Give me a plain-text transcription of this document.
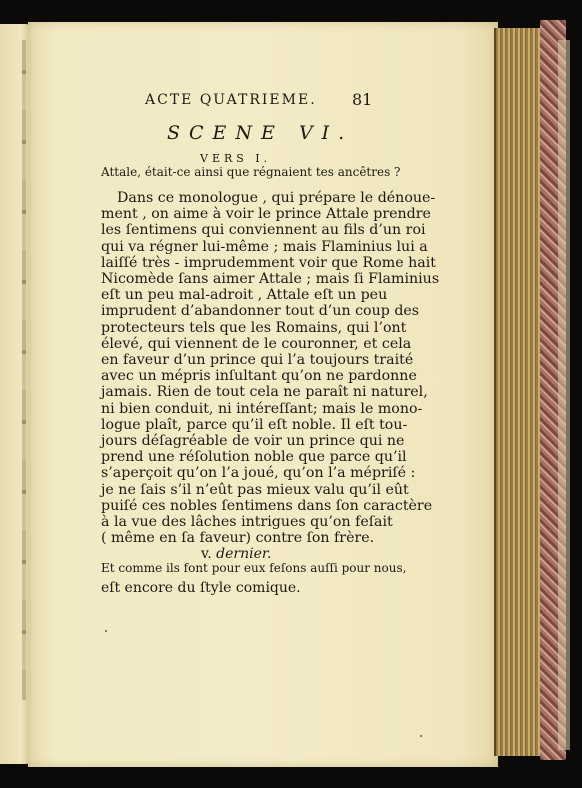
ACTE QUATRIEME. 81
SCENE VI.
VERS I.
Attale, était-ce ainsi que régnaient tes ancêtres ?
Dans ce monologue , qui prépare le dénoue-
ment , on aime à voir le prince Attale prendre
les ſentimens qui conviennent au fils d’un roi
qui va régner lui-même ; mais Flaminius lui a
laiſſé très - imprudemment voir que Rome hait
Nicomède ſans aimer Attale ; mais ſi Flaminius
eſt un peu mal-adroit , Attale eſt un peu
imprudent d’abandonner tout d’un coup des
protecteurs tels que les Romains, qui l’ont
élevé, qui viennent de le couronner, et cela
en faveur d’un prince qui l’a toujours traité
avec un mépris inſultant qu’on ne pardonne
jamais. Rien de tout cela ne paraît ni naturel,
ni bien conduit, ni intéreſſant; mais le mono-
logue plaît, parce qu’il eſt noble. Il eſt tou-
jours déſagréable de voir un prince qui ne
prend une réſolution noble que parce qu’il
s’aperçoit qu’on l’a joué, qu’on l’a mépriſé :
je ne ſais s’il n’eût pas mieux valu qu’il eût
puiſé ces nobles ſentimens dans ſon caractère
à la vue des lâches intrigues qu’on feſait
( même en ſa faveur) contre ſon frère.
v. dernier.
Et comme ils font pour eux feſons auſſi pour nous,
eſt encore du ſtyle comique.
